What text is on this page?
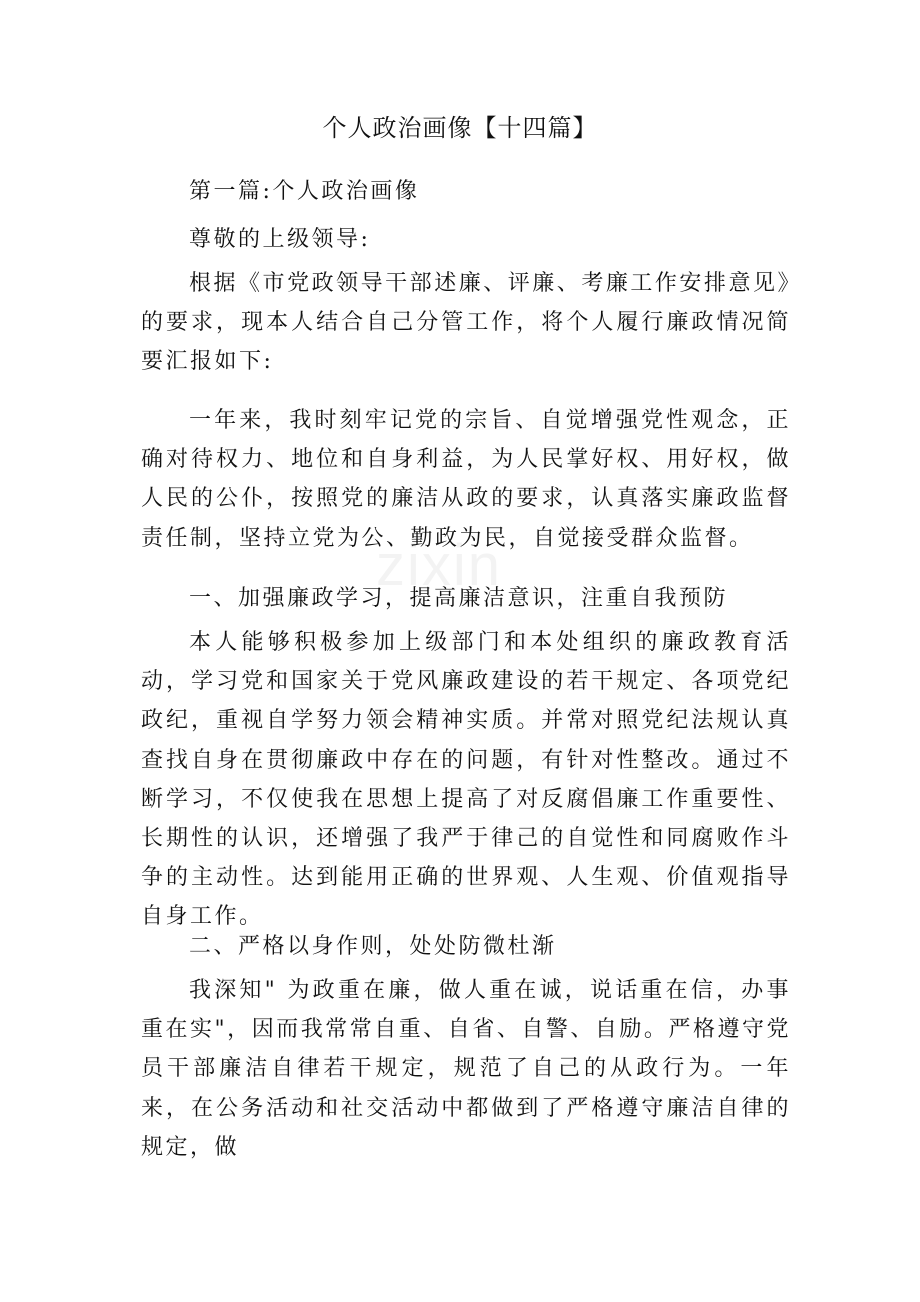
个人政治画像【十四篇】

第一篇:个人政治画像

尊敬的上级领导:

根据《市党政领导干部述廉、评廉、考廉工作安排意见》的要求，现本人结合自己分管工作，将个人履行廉政情况简要汇报如下:

一年来，我时刻牢记党的宗旨、自觉增强党性观念，正确对待权力、地位和自身利益，为人民掌好权、用好权，做人民的公仆，按照党的廉洁从政的要求，认真落实廉政监督责任制，坚持立党为公、勤政为民，自觉接受群众监督。

一、加强廉政学习，提高廉洁意识，注重自我预防

本人能够积极参加上级部门和本处组织的廉政教育活动，学习党和国家关于党风廉政建设的若干规定、各项党纪政纪，重视自学努力领会精神实质。并常对照党纪法规认真查找自身在贯彻廉政中存在的问题，有针对性整改。通过不断学习，不仅使我在思想上提高了对反腐倡廉工作重要性、长期性的认识，还增强了我严于律己的自觉性和同腐败作斗争的主动性。达到能用正确的世界观、人生观、价值观指导自身工作。

二、严格以身作则，处处防微杜渐

我深知" 为政重在廉，做人重在诚，说话重在信，办事重在实"，因而我常常自重、自省、自警、自励。严格遵守党员干部廉洁自律若干规定，规范了自己的从政行为。一年来，在公务活动和社交活动中都做到了严格遵守廉洁自律的规定，做

zixin
